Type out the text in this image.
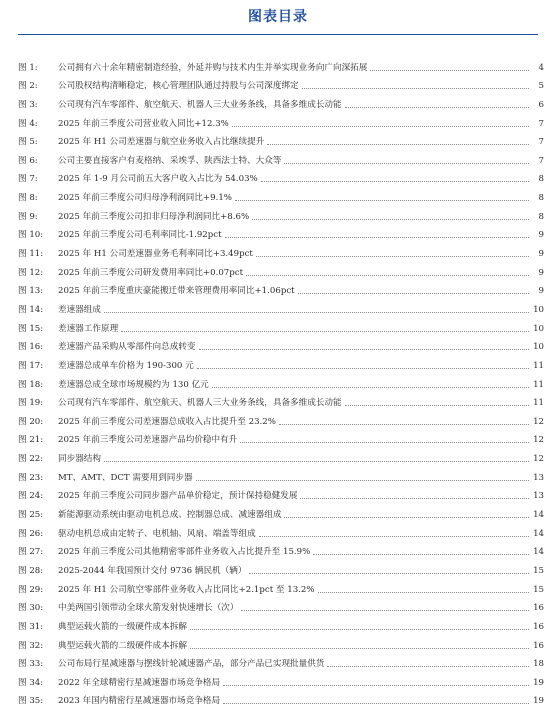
图表目录
图 1:	公司拥有六十余年精密制造经验，外延并购与技术内生并举实现业务向广向深拓展	4
图 2:	公司股权结构清晰稳定，核心管理团队通过持股与公司深度绑定	5
图 3:	公司现有汽车零部件、航空航天、机器人三大业务条线，具备多维成长动能	6
图 4:	2025 年前三季度公司营业收入同比+12.3%	7
图 5:	2025 年 H1 公司差速器与航空业务收入占比继续提升	7
图 6:	公司主要直接客户有麦格纳、采埃孚、陕西法士特、大众等	7
图 7:	2025 年 1-9 月公司前五大客户收入占比为 54.03%	8
图 8:	2025 年前三季度公司归母净利润同比+9.1%	8
图 9:	2025 年前三季度公司扣非归母净利润同比+8.6%	8
图 10:	2025 年前三季度公司毛利率同比-1.92pct	9
图 11:	2025 年 H1 公司差速器业务毛利率同比+3.49pct	9
图 12:	2025 年前三季度公司研发费用率同比+0.07pct	9
图 13:	2025 年前三季度重庆豪能搬迁带来管理费用率同比+1.06pct	9
图 14:	差速器组成	10
图 15:	差速器工作原理	10
图 16:	差速器产品采购从零部件向总成转变	10
图 17:	差速器总成单车价格为 190-300 元	11
图 18:	差速器总成全球市场规模约为 130 亿元	11
图 19:	公司现有汽车零部件、航空航天、机器人三大业务条线，具备多维成长动能	11
图 20:	2025 年前三季度公司差速器总成收入占比提升至 23.2%	12
图 21:	2025 年前三季度公司差速器产品均价稳中有升	12
图 22:	同步器结构	12
图 23:	MT、AMT、DCT 需要用到同步器	13
图 24:	2025 年前三季度公司同步器产品单价稳定，预计保持稳健发展	13
图 25:	新能源驱动系统由驱动电机总成、控制器总成、减速器组成	14
图 26:	驱动电机总成由定转子、电机轴、风扇、端盖等组成	14
图 27:	2025 年前三季度公司其他精密零部件业务收入占比提升至 15.9%	14
图 28:	2025-2044 年我国预计交付 9736 辆民机（辆）	15
图 29:	2025 年 H1 公司航空零部件业务收入占比同比+2.1pct 至 13.2%	15
图 30:	中美两国引领带动全球火箭发射快速增长（次）	16
图 31:	典型运载火箭的一级硬件成本拆解	16
图 32:	典型运载火箭的二级硬件成本拆解	16
图 33:	公司布局行星减速器与摆线针轮减速器产品，部分产品已实现批量供货	18
图 34:	2022 年全球精密行星减速器市场竞争格局	19
图 35:	2023 年国内精密行星减速器市场竞争格局	19
